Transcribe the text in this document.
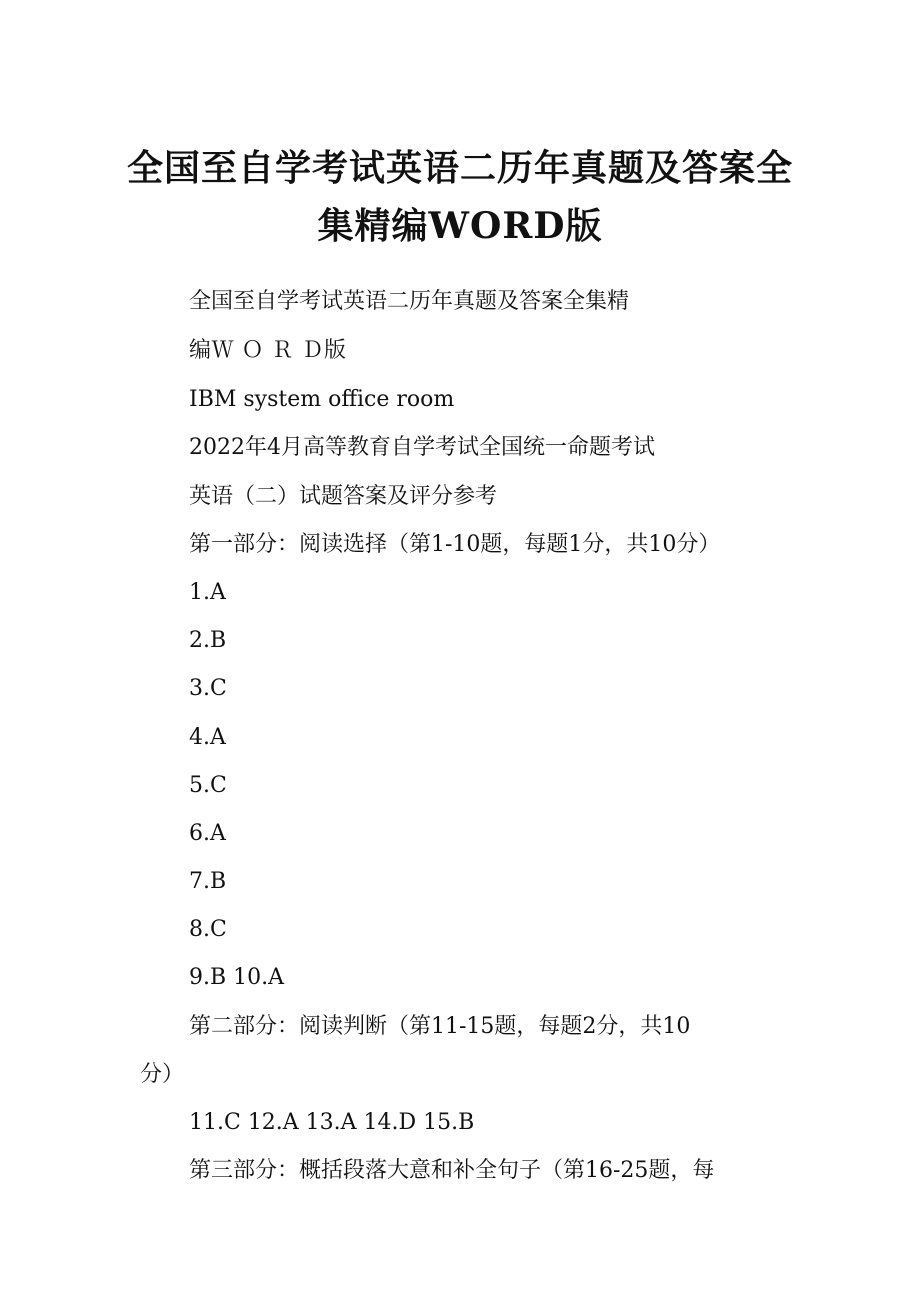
全国至自学考试英语二历年真题及答案全
集精编WORD版
全国至自学考试英语二历年真题及答案全集精
编Ｗ Ｏ Ｒ Ｄ版
IBM system office room
2022年4月高等教育自学考试全国统一命题考试
英语（二）试题答案及评分参考
第一部分：阅读选择（第1-10题，每题1分，共10分）
1.A
2.B
3.C
4.A
5.C
6.A
7.B
8.C
9.B 10.A
第二部分：阅读判断（第11-15题，每题2分，共10
分）
11.C 12.A 13.A 14.D 15.B
第三部分：概括段落大意和补全句子（第16-25题，每
